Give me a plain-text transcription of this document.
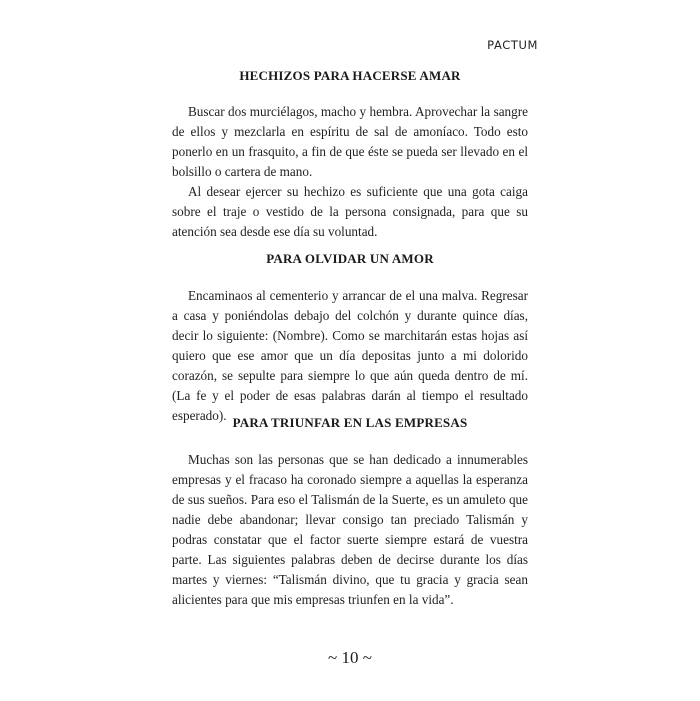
PACTUM
HECHIZOS PARA HACERSE AMAR

Buscar dos murciélagos, macho y hembra. Aprovechar la sangre de ellos y mezclarla en espíritu de sal de amoníaco. Todo esto ponerlo en un frasquito, a fin de que éste se pueda ser llevado en el bolsillo o cartera de mano.

Al desear ejercer su hechizo es suficiente que una gota caiga sobre el traje o vestido de la persona consignada, para que su atención sea desde ese día su voluntad.

PARA OLVIDAR UN AMOR

Encaminaos al cementerio y arrancar de el una malva. Regresar a casa y poniéndolas debajo del colchón y durante quince días, decir lo siguiente: (Nombre). Como se marchitarán estas hojas así quiero que ese amor que un día depositas junto a mi dolorido corazón, se sepulte para siempre lo que aún queda dentro de mí. (La fe y el poder de esas palabras darán al tiempo el resultado esperado). PARA TRIUNFAR EN LAS EMPRESAS

Muchas son las personas que se han dedicado a innumerables empresas y el fracaso ha coronado siempre a aquellas la esperanza de sus sueños. Para eso el Talismán de la Suerte, es un amuleto que nadie debe abandonar; llevar consigo tan preciado Talismán y podras constatar que el factor suerte siempre estará de vuestra parte. Las siguientes palabras deben de decirse durante los días martes y viernes: “Talismán divino, que tu gracia y gracia sean alicientes para que mis empresas triunfen en la vida”.

~ 10 ~
